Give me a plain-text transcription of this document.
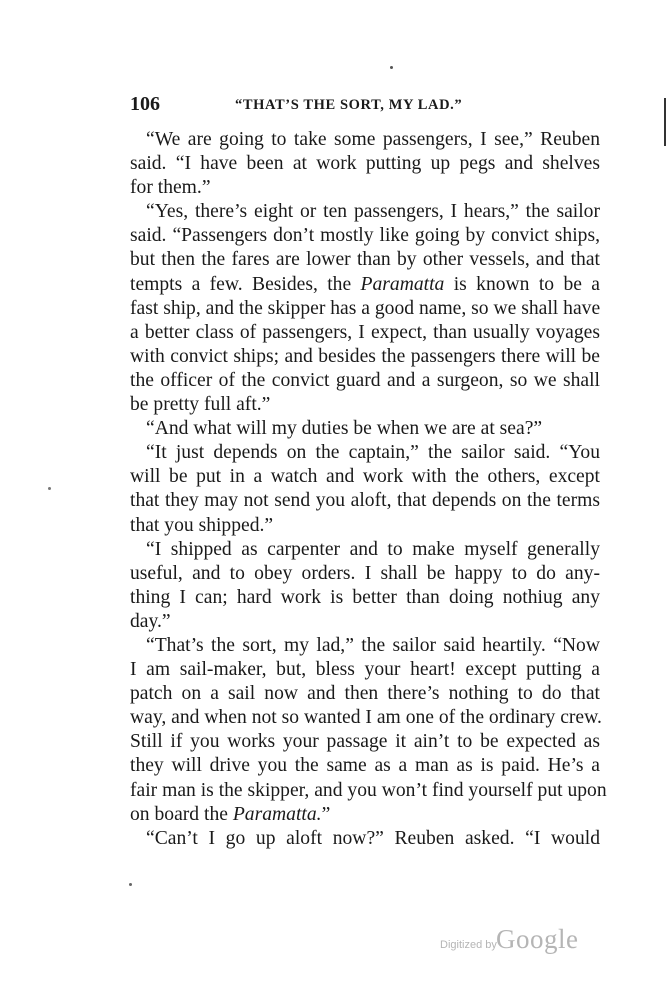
106	“THAT’S THE SORT, MY LAD.”
“We are going to take some passengers, I see,” Reuben
said. “I have been at work putting up pegs and shelves
for them.”
“Yes, there’s eight or ten passengers, I hears,” the sailor
said. “Passengers don’t mostly like going by convict ships,
but then the fares are lower than by other vessels, and that
tempts a few. Besides, the Paramatta is known to be a
fast ship, and the skipper has a good name, so we shall have
a better class of passengers, I expect, than usually voyages
with convict ships; and besides the passengers there will be
the officer of the convict guard and a surgeon, so we shall
be pretty full aft.”
“And what will my duties be when we are at sea?”
“It just depends on the captain,” the sailor said. “You
will be put in a watch and work with the others, except
that they may not send you aloft, that depends on the terms
that you shipped.”
“I shipped as carpenter and to make myself generally
useful, and to obey orders. I shall be happy to do any-
thing I can; hard work is better than doing nothiug any
day.”
“That’s the sort, my lad,” the sailor said heartily. “Now
I am sail-maker, but, bless your heart! except putting a
patch on a sail now and then there’s nothing to do that
way, and when not so wanted I am one of the ordinary crew.
Still if you works your passage it ain’t to be expected as
they will drive you the same as a man as is paid. He’s a
fair man is the skipper, and you won’t find yourself put upon
on board the Paramatta.”
“Can’t I go up aloft now?” Reuben asked. “I would
Digitized by Google
